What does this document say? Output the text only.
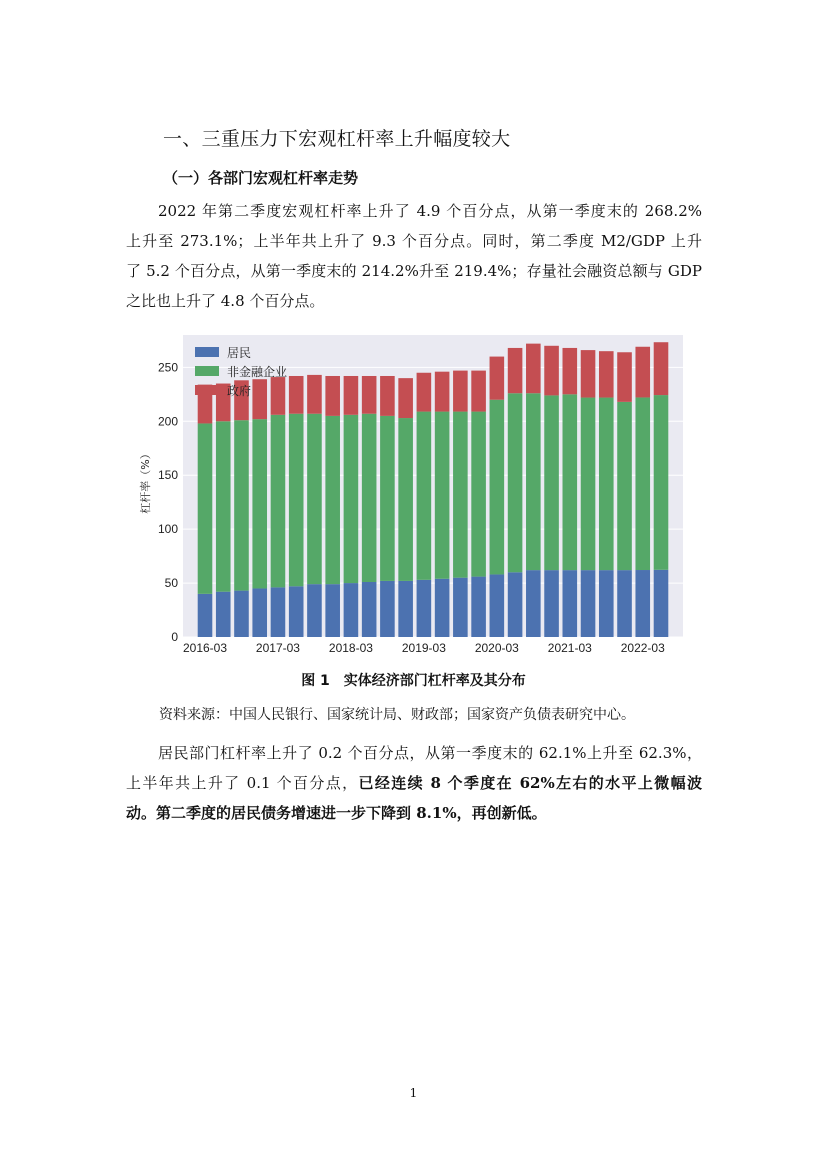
一、三重压力下宏观杠杆率上升幅度较大
（一）各部门宏观杠杆率走势
2022 年第二季度宏观杠杆率上升了 4.9 个百分点，从第一季度末的 268.2%
上升至 273.1%；上半年共上升了 9.3 个百分点。同时，第二季度 M2/GDP 上升
了 5.2 个百分点，从第一季度末的 214.2%升至 219.4%；存量社会融资总额与 GDP
之比也上升了 4.8 个百分点。
0
50
100
150
200
250
2016-03 2017-03 2018-03 2019-03 2020-03 2021-03 2022-03
杠杆率（%）
居民
非金融企业
政府
图 1　实体经济部门杠杆率及其分布
资料来源：中国人民银行、国家统计局、财政部；国家资产负债表研究中心。
居民部门杠杆率上升了 0.2 个百分点，从第一季度末的 62.1%上升至 62.3%，
上半年共上升了 0.1 个百分点，已经连续 8 个季度在 62%左右的水平上微幅波
动。第二季度的居民债务增速进一步下降到 8.1%，再创新低。
1
